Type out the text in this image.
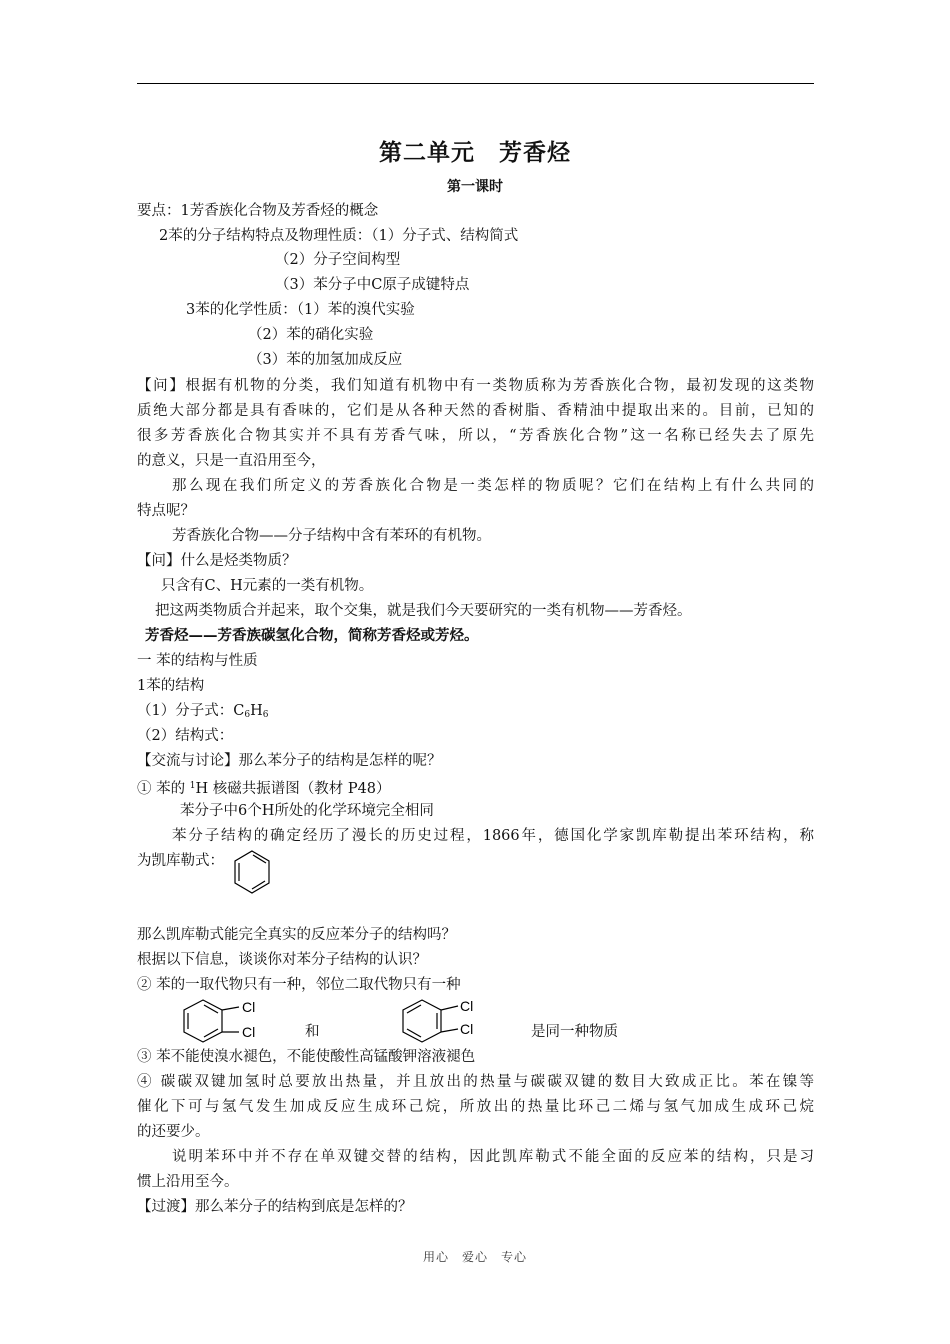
第二单元　芳香烃
第一课时
要点：1芳香族化合物及芳香烃的概念
2苯的分子结构特点及物理性质：（1）分子式、结构简式
（2）分子空间构型
（3）苯分子中C原子成键特点
3苯的化学性质：（1）苯的溴代实验
（2）苯的硝化实验
（3）苯的加氢加成反应
【问】根据有机物的分类，我们知道有机物中有一类物质称为芳香族化合物，最初发现的这类物
质绝大部分都是具有香味的，它们是从各种天然的香树脂、香精油中提取出来的。目前，已知的
很多芳香族化合物其实并不具有芳香气味，所以，“芳香族化合物”这一名称已经失去了原先
的意义，只是一直沿用至今，
那么现在我们所定义的芳香族化合物是一类怎样的物质呢？它们在结构上有什么共同的
特点呢？
芳香族化合物——分子结构中含有苯环的有机物。
【问】什么是烃类物质？
只含有C、H元素的一类有机物。
把这两类物质合并起来，取个交集，就是我们今天要研究的一类有机物——芳香烃。
芳香烃——芳香族碳氢化合物，简称芳香烃或芳烃。
一 苯的结构与性质
1苯的结构
（1）分子式：$C_6H_6$
（2）结构式：
【交流与讨论】那么苯分子的结构是怎样的呢？
① 苯的 $^1$H 核磁共振谱图（教材 P48）
苯分子中6个H所处的化学环境完全相同
苯分子结构的确定经历了漫长的历史过程，1866年，德国化学家凯库勒提出苯环结构，称
为凯库勒式：
那么凯库勒式能完全真实的反应苯分子的结构吗？
根据以下信息，谈谈你对苯分子结构的认识？
② 苯的一取代物只有一种，邻位二取代物只有一种
Cl
Cl	和
Cl
Cl	是同一种物质
③ 苯不能使溴水褪色，不能使酸性高锰酸钾溶液褪色
④ 碳碳双键加氢时总要放出热量，并且放出的热量与碳碳双键的数目大致成正比。苯在镍等
催化下可与氢气发生加成反应生成环己烷，所放出的热量比环己二烯与氢气加成生成环己烷
的还要少。
说明苯环中并不存在单双键交替的结构，因此凯库勒式不能全面的反应苯的结构，只是习
惯上沿用至今。
【过渡】那么苯分子的结构到底是怎样的？
用心　爱心　专心
